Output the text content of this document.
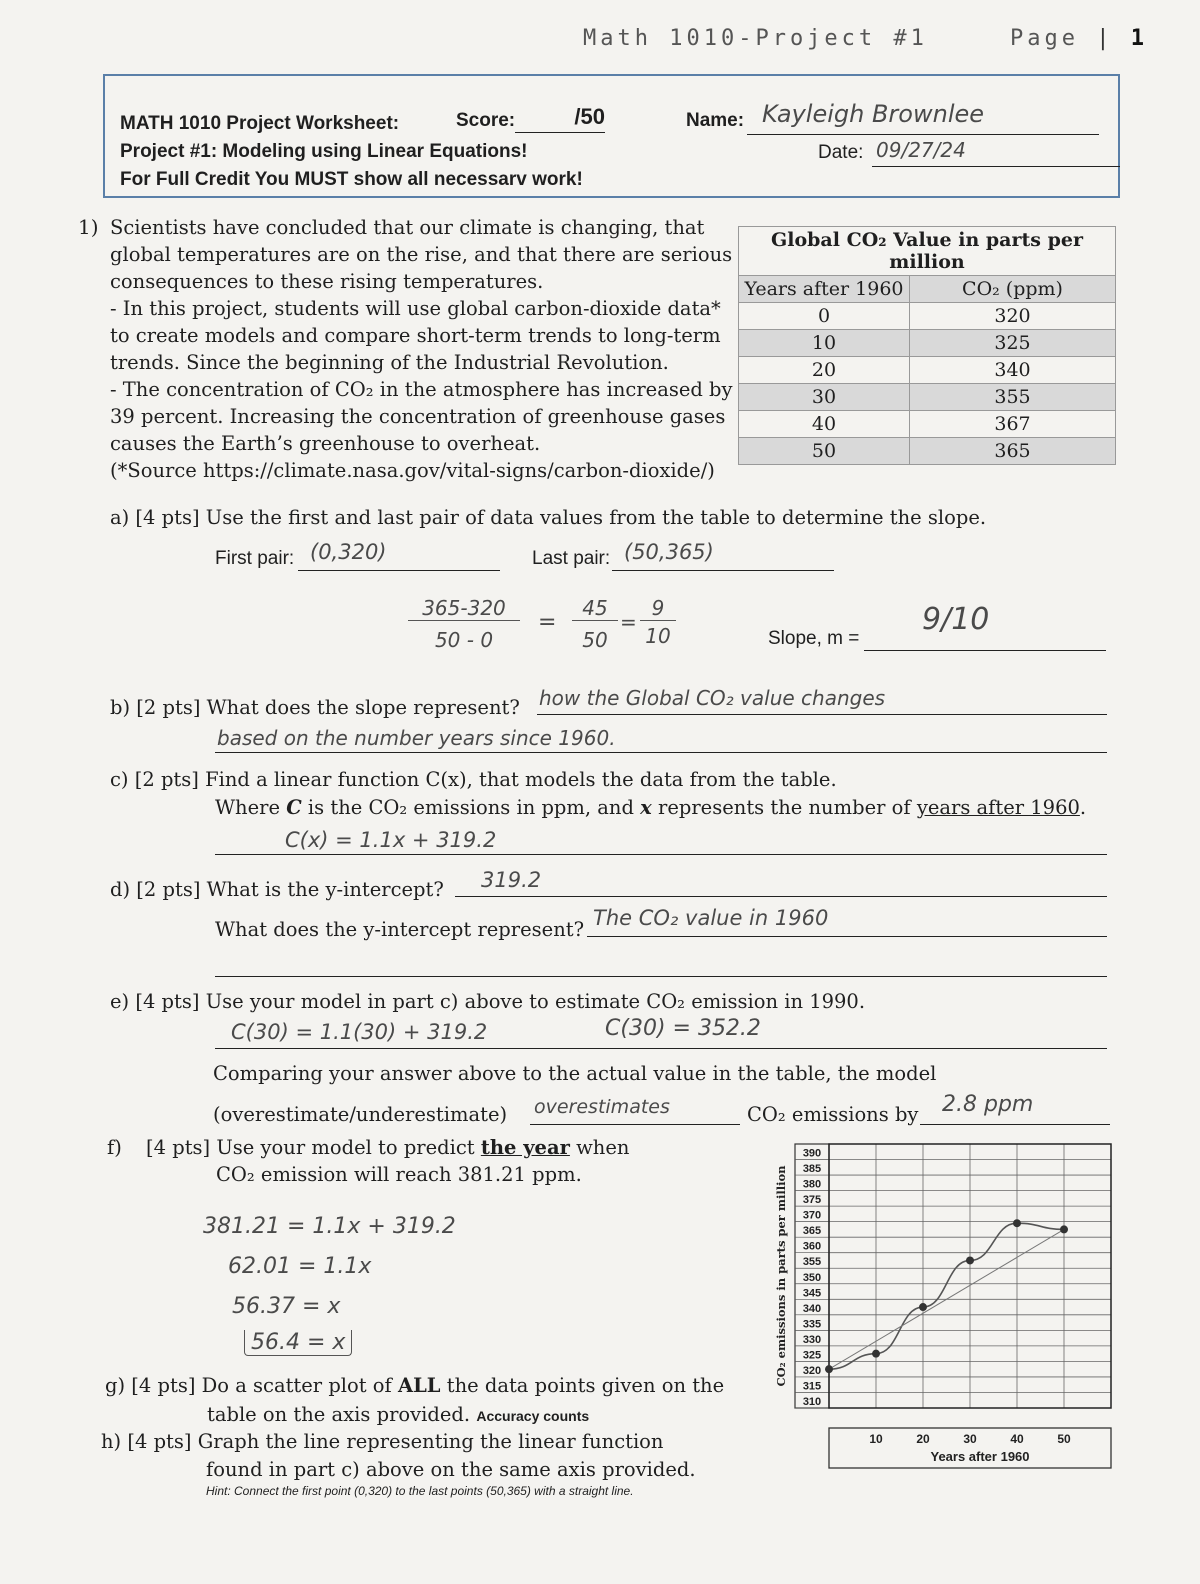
Math 1010-Project #1	Page | 1
MATH 1010 Project Worksheet:
Project #1: Modeling using Linear Equations!
For Full Credit You MUST show all necessarv work!
Score:	/50	Name: Kayleigh Brownlee
Date: 09/27/24
1) Scientists have concluded that our climate is changing, that
global temperatures are on the rise, and that there are serious
consequences to these rising temperatures.
- In this project, students will use global carbon-dioxide data*
to create models and compare short-term trends to long-term
trends. Since the beginning of the Industrial Revolution.
- The concentration of CO₂ in the atmosphere has increased by
39 percent. Increasing the concentration of greenhouse gases
causes the Earth’s greenhouse to overheat.
(*Source https://climate.nasa.gov/vital-signs/carbon-dioxide/)
Global CO₂ Value in parts per million
Years after 1960	CO₂ (ppm)
0	320
10	325
20	340
30	355
40	367
50	365
a) [4 pts] Use the first and last pair of data values from the table to determine the slope.
First pair: (0,320)	Last pair: (50,365)
365-320
50 - 0
=
45
50
=
9
10	Slope, m =
9/10
b) [2 pts] What does the slope represent? how the Global CO₂ value changes
based on the number years since 1960.
c) [2 pts] Find a linear function C(x), that models the data from the table.
Where C is the CO₂ emissions in ppm, and x represents the number of years after 1960.
C(x) = 1.1x + 319.2
d) [2 pts] What is the y-intercept? 319.2
What does the y-intercept represent? The CO₂ value in 1960
e) [4 pts] Use your model in part c) above to estimate CO₂ emission in 1990.
C(30) = 1.1(30) + 319.2	C(30) = 352.2
Comparing your answer above to the actual value in the table, the model
(overestimate/underestimate) overestimates	CO₂ emissions by 2.8 ppm
f) [4 pts] Use your model to predict the year when
CO₂ emission will reach 381.21 ppm.
381.21 = 1.1x + 319.2
62.01 = 1.1x
56.37 = x
56.4 = x
g) [4 pts] Do a scatter plot of ALL the data points given on the
table on the axis provided. Accuracy counts
h) [4 pts] Graph the line representing the linear function
found in part c) above on the same axis provided.
Hint: Connect the first point (0,320) to the last points (50,365) with a straight line.
390
385
380
375
370
365
360
355
350
345
340
335
330
325
320
315
310
CO₂ emissions in parts per million
10	20	30	40	50
Years after 1960
